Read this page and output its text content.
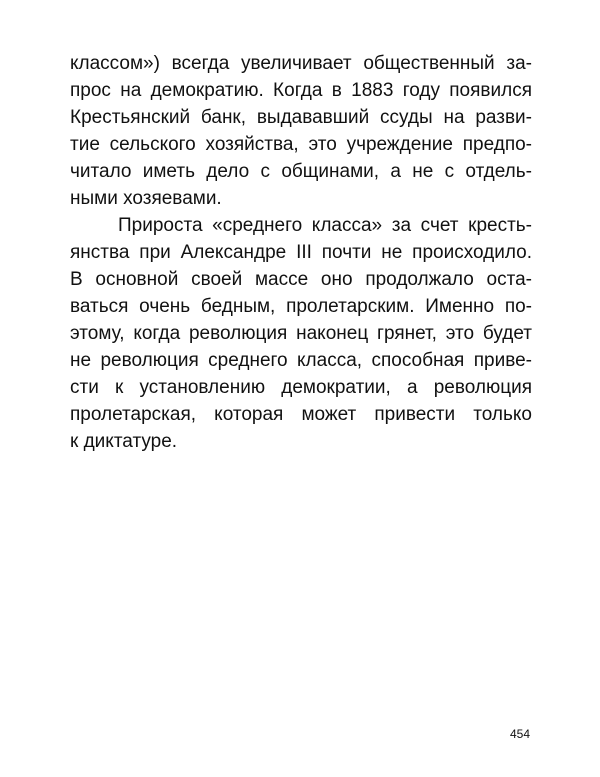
классом») всегда увеличивает общественный за-
прос на демократию. Когда в 1883 году появился
Крестьянский банк, выдававший ссуды на разви-
тие сельского хозяйства, это учреждение предпо-
читало иметь дело с общинами, а не с отдель-
ными хозяевами.
Прироста «среднего класса» за счет кресть-
янства при Александре III почти не происходило.
В основной своей массе оно продолжало оста-
ваться очень бедным, пролетарским. Именно по-
этому, когда революция наконец грянет, это будет
не революция среднего класса, способная приве-
сти к установлению демократии, а революция
пролетарская, которая может привести только
к диктатуре.
454
